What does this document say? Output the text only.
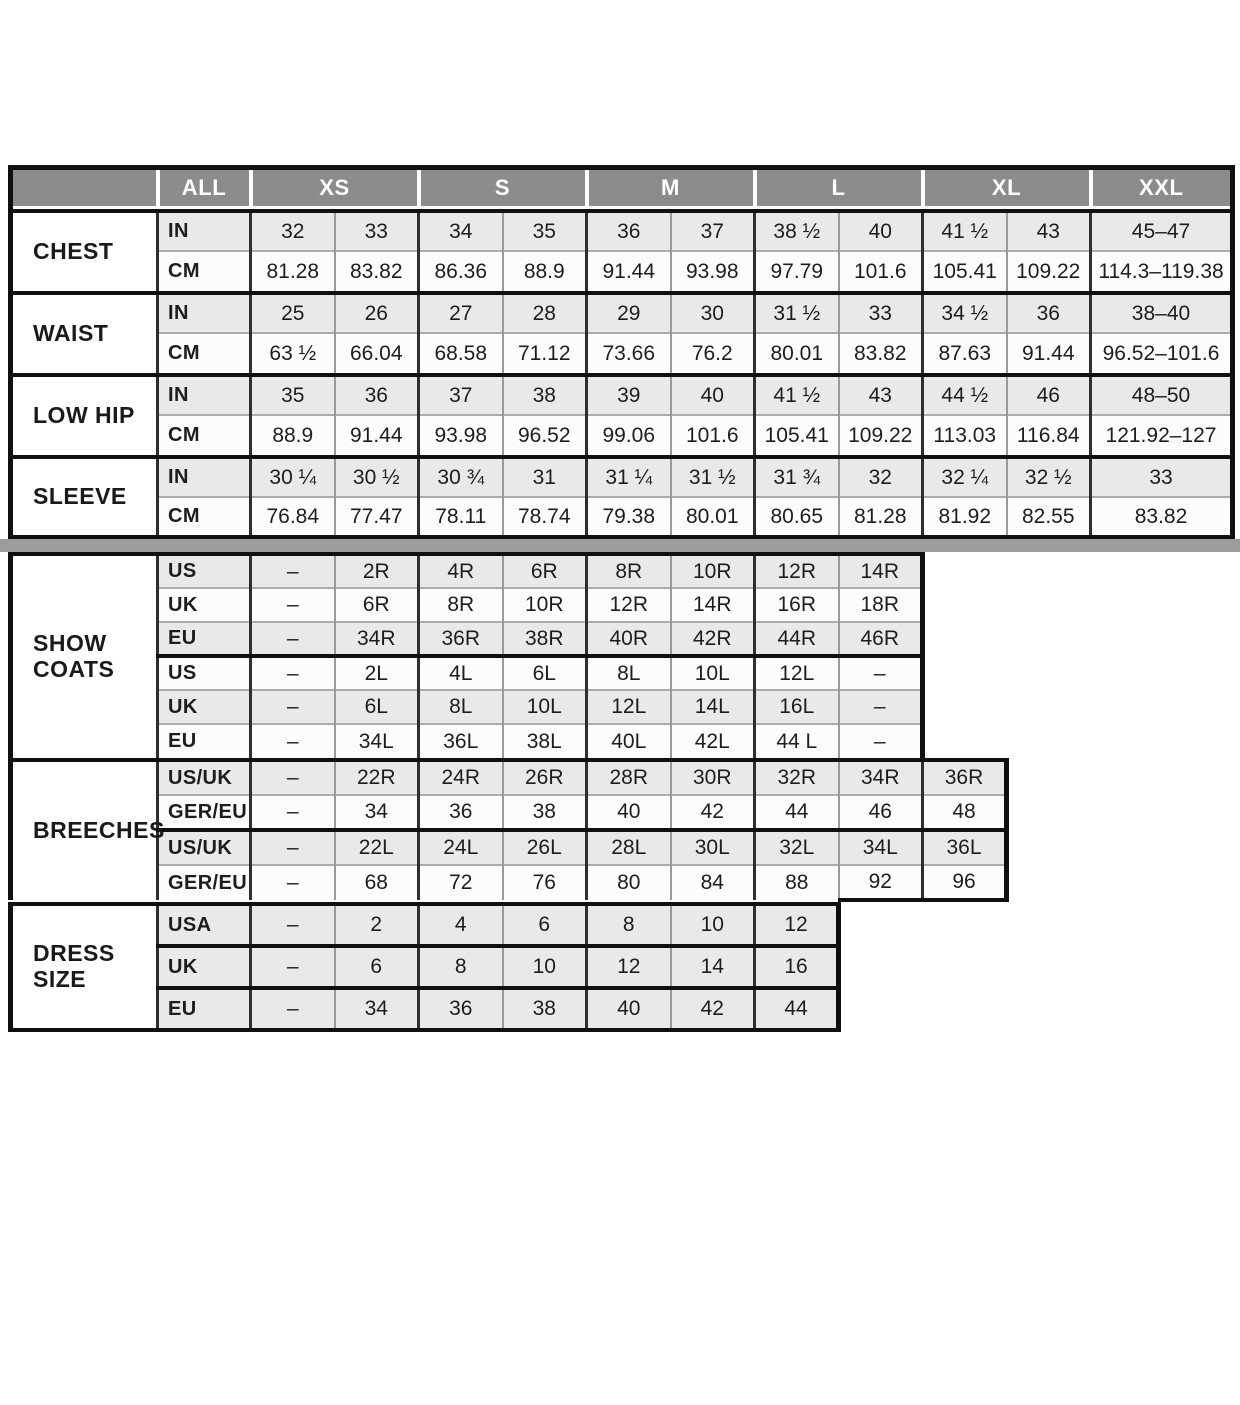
	ALL	XS	S	M	L	XL	XXL
CHEST	IN	32	33	34	35	36	37	38 ½	40	41 ½	43	45–47
	CM	81.28	83.82	86.36	88.9	91.44	93.98	97.79	101.6	105.41	109.22	114.3–119.38
WAIST	IN	25	26	27	28	29	30	31 ½	33	34 ½	36	38–40
	CM	63 ½	66.04	68.58	71.12	73.66	76.2	80.01	83.82	87.63	91.44	96.52–101.6
LOW HIP	IN	35	36	37	38	39	40	41 ½	43	44 ½	46	48–50
	CM	88.9	91.44	93.98	96.52	99.06	101.6	105.41	109.22	113.03	116.84	121.92–127
SLEEVE	IN	30 ¼	30 ½	30 ¾	31	31 ¼	31 ½	31 ¾	32	32 ¼	32 ½	33
	CM	76.84	77.47	78.11	78.74	79.38	80.01	80.65	81.28	81.92	82.55	83.82
SHOW COATS	US	–	2R	4R	6R	8R	10R	12R	14R
	UK	–	6R	8R	10R	12R	14R	16R	18R
	EU	–	34R	36R	38R	40R	42R	44R	46R
	US	–	2L	4L	6L	8L	10L	12L	–
	UK	–	6L	8L	10L	12L	14L	16L	–
	EU	–	34L	36L	38L	40L	42L	44 L	–
BREECHES	US/UK	–	22R	24R	26R	28R	30R	32R	34R	36R
	GER/EU	–	34	36	38	40	42	44	46	48
	US/UK	–	22L	24L	26L	28L	30L	32L	34L	36L
	GER/EU	–	68	72	76	80	84	88	92	96
DRESS SIZE	USA	–	2	4	6	8	10	12
	UK	–	6	8	10	12	14	16
	EU	–	34	36	38	40	42	44
